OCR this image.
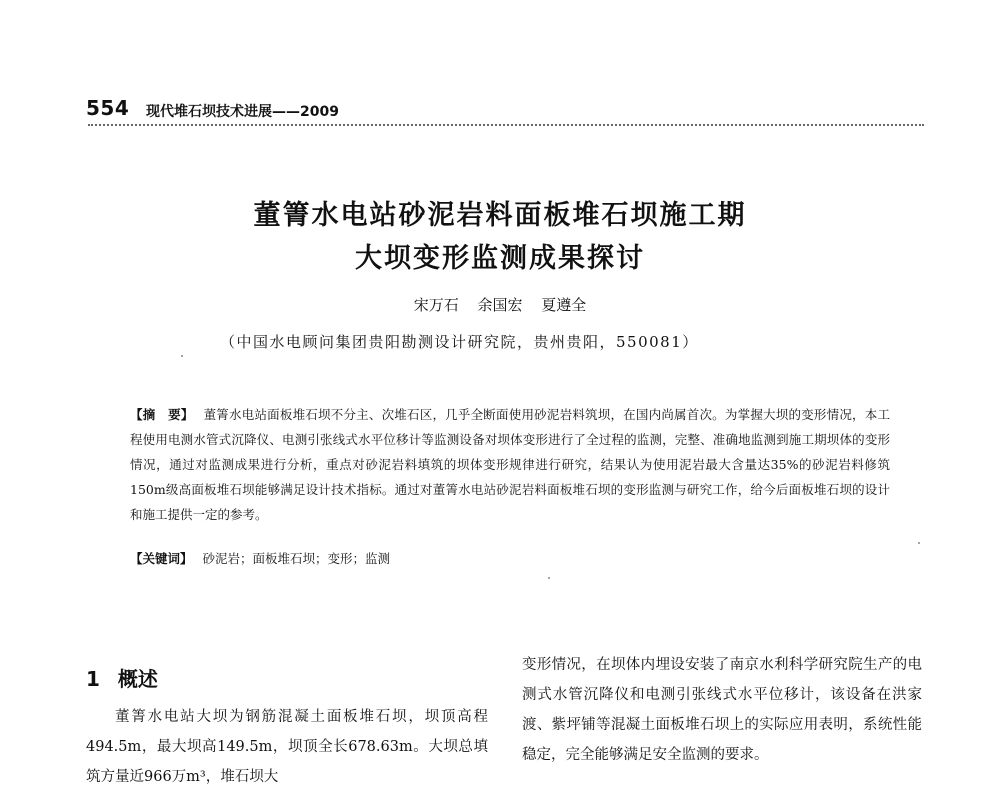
554 现代堆石坝技术进展——2009
董箐水电站砂泥岩料面板堆石坝施工期
大坝变形监测成果探讨
宋万石 余国宏 夏遵全
（中国水电顾问集团贵阳勘测设计研究院，贵州贵阳，550081）
【摘　要】 董箐水电站面板堆石坝不分主、次堆石区，几乎全断面使用砂泥岩料筑坝，在国内尚属首次。为掌握大坝的变形情况，本工程使用电测水管式沉降仪、电测引张线式水平位移计等监测设备对坝体变形进行了全过程的监测，完整、准确地监测到施工期坝体的变形情况，通过对监测成果进行分析，重点对砂泥岩料填筑的坝体变形规律进行研究，结果认为使用泥岩最大含量达35%的砂泥岩料修筑150m级高面板堆石坝能够满足设计技术指标。通过对董箐水电站砂泥岩料面板堆石坝的变形监测与研究工作，给今后面板堆石坝的设计和施工提供一定的参考。
【关键词】 砂泥岩；面板堆石坝；变形；监测
1 概述
董箐水电站大坝为钢筋混凝土面板堆石坝，坝顶高程494.5m，最大坝高149.5m，坝顶全长678.63m。大坝总填筑方量近966万m³，堆石坝大
变形情况，在坝体内埋设安装了南京水利科学研究院生产的电测式水管沉降仪和电测引张线式水平位移计，该设备在洪家渡、紫坪铺等混凝土面板堆石坝上的实际应用表明，系统性能稳定，完全能够满足安全监测的要求。
